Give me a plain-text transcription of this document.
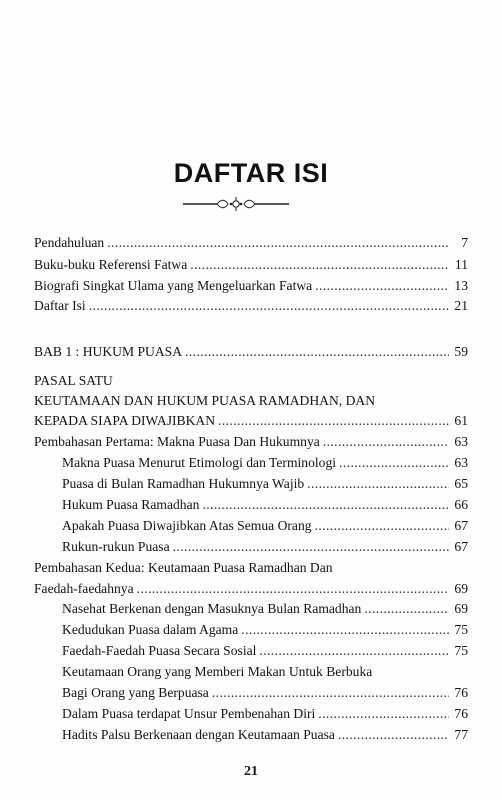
DAFTAR ISI
Pendahuluan .....	7
Buku-buku Referensi Fatwa .....	11
Biografi Singkat Ulama yang Mengeluarkan Fatwa .....	13
Daftar Isi .....	21
BAB 1 : HUKUM PUASA .....	59
PASAL SATU
KEUTAMAAN DAN HUKUM PUASA RAMADHAN, DAN
KEPADA SIAPA DIWAJIBKAN .....	61
Pembahasan Pertama: Makna Puasa Dan Hukumnya .....	63
Makna Puasa Menurut Etimologi dan Terminologi .....	63
Puasa di Bulan Ramadhan Hukumnya Wajib .....	65
Hukum Puasa Ramadhan .....	66
Apakah Puasa Diwajibkan Atas Semua Orang .....	67
Rukun-rukun Puasa .....	67
Pembahasan Kedua: Keutamaan Puasa Ramadhan Dan
Faedah-faedahnya .....	69
Nasehat Berkenan dengan Masuknya Bulan Ramadhan .....	69
Kedudukan Puasa dalam Agama .....	75
Faedah-Faedah Puasa Secara Sosial .....	75
Keutamaan Orang yang Memberi Makan Untuk Berbuka
Bagi Orang yang Berpuasa .....	76
Dalam Puasa terdapat Unsur Pembenahan Diri .....	76
Hadits Palsu Berkenaan dengan Keutamaan Puasa .....	77
21
